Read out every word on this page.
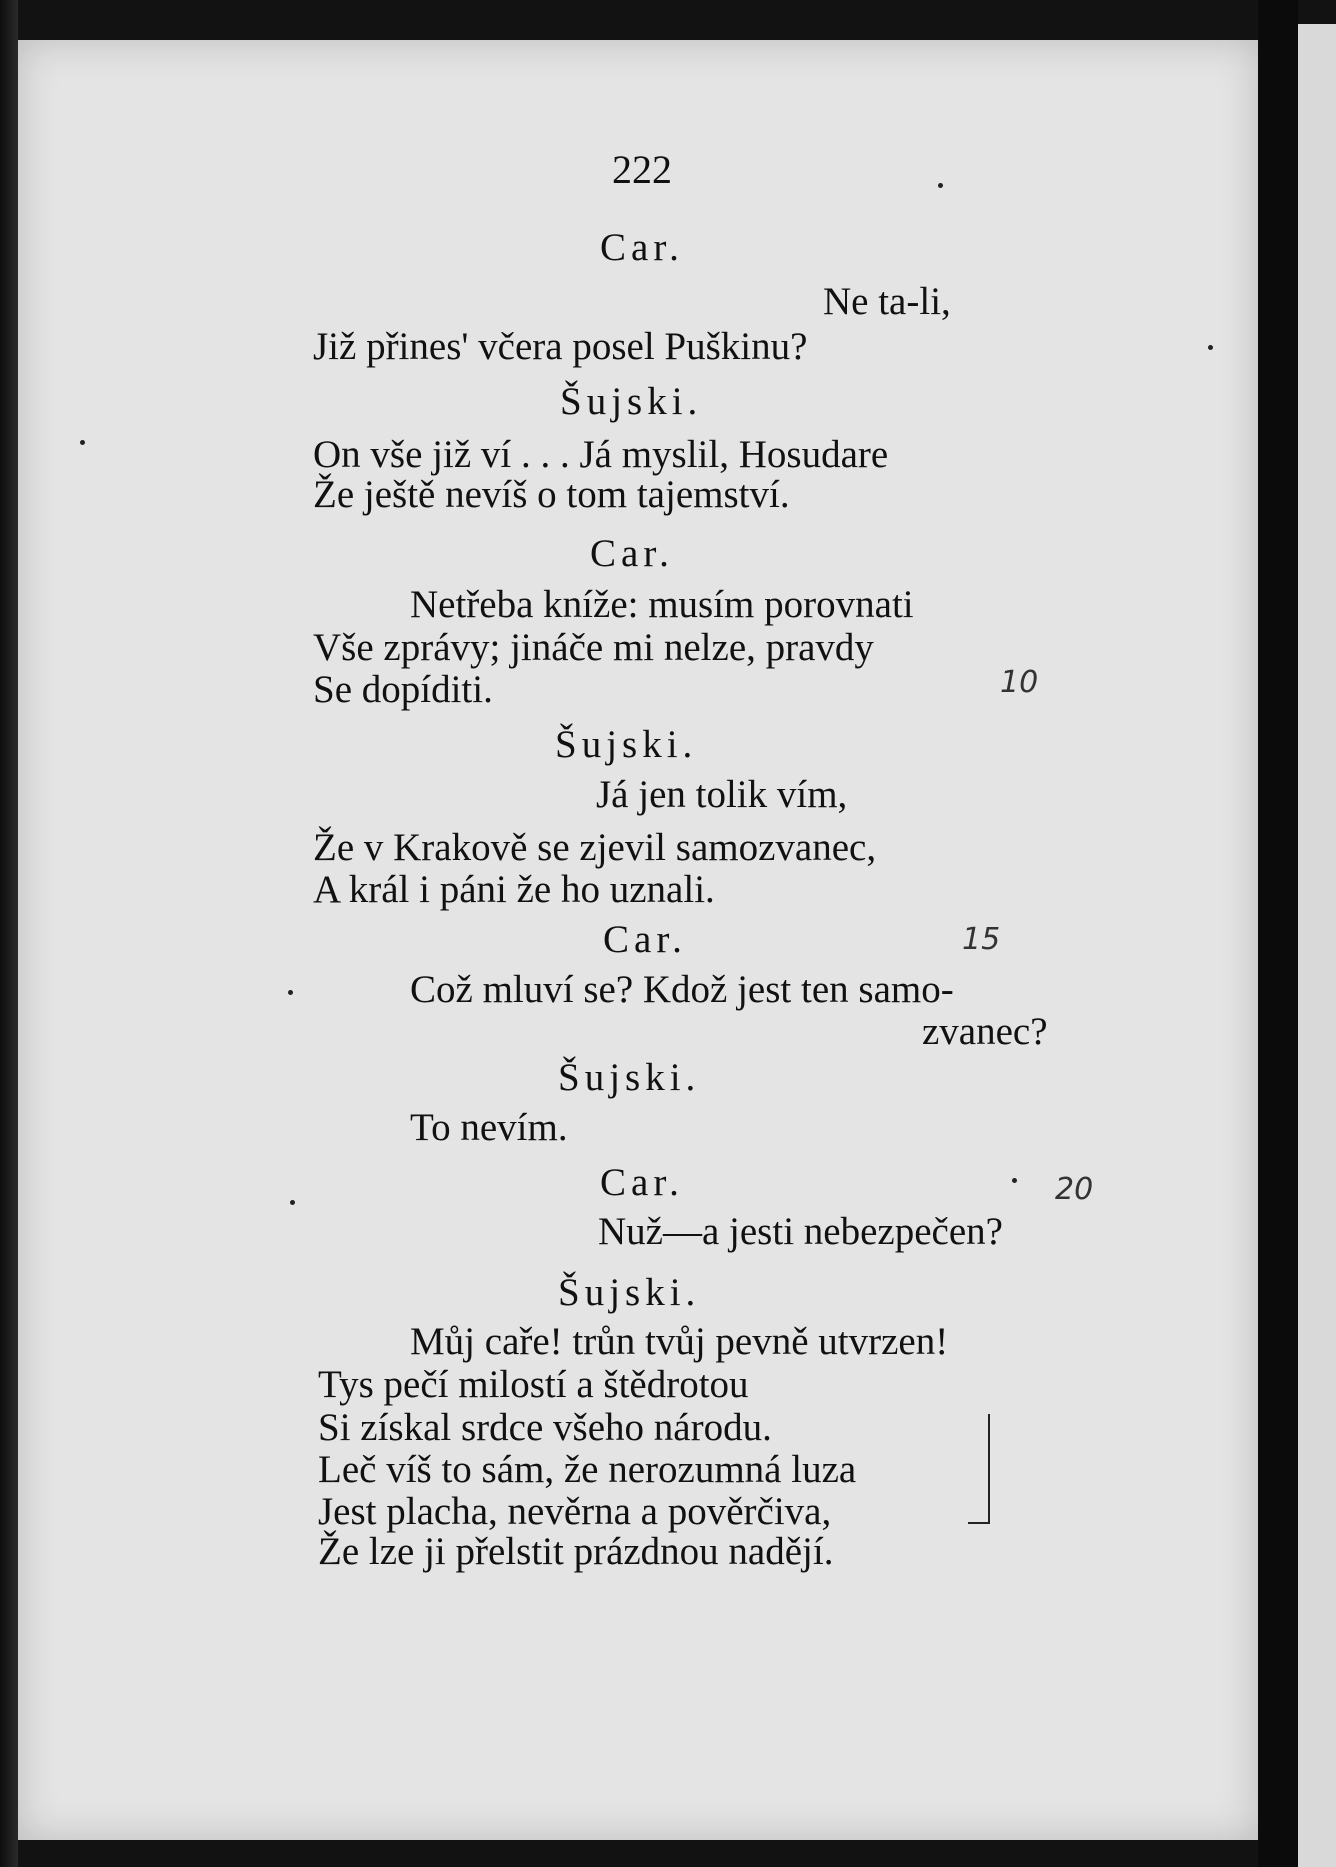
222
Car.
Ne ta-li,
Již přines' včera posel Puškinu?
Šujski.
On vše již ví . . . Já myslil, Hosudare
Že ještě nevíš o tom tajemství.
Car.
Netřeba kníže: musím porovnati
Vše zprávy; jináče mi nelze, pravdy
Se dopíditi.
Šujski.
Já jen tolik vím,
Že v Krakově se zjevil samozvanec,
A král i páni že ho uznali.
Car.
Což mluví se? Kdož jest ten samo-
zvanec?
Šujski.
To nevím.
Car.
Nuž—a jesti nebezpečen?
Šujski.
Můj caře! trůn tvůj pevně utvrzen!
Tys pečí milostí a štědrotou
Si získal srdce všeho národu.
Leč víš to sám, že nerozumná luza
Jest placha, nevěrna a pověrčiva,
Že lze ji přelstit prázdnou nadějí.
10
15
20
